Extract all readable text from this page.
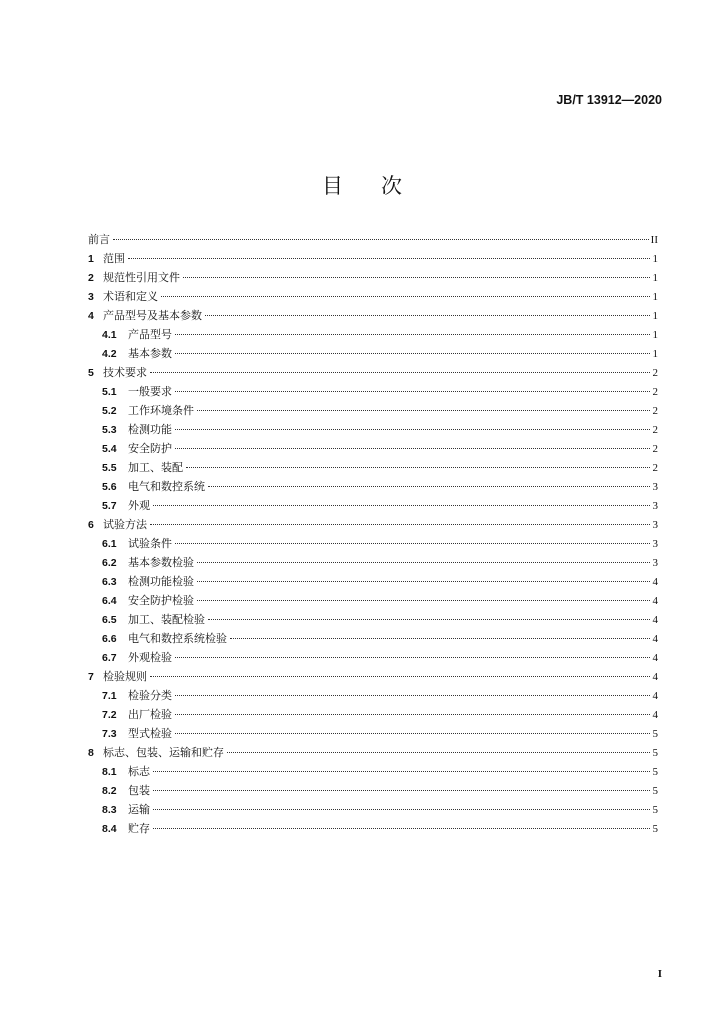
JB/T 13912—2020
目 次
前言	II
1 范围	1
2 规范性引用文件	1
3 术语和定义	1
4 产品型号及基本参数	1
4.1	产品型号	1
4.2	基本参数	1
5 技术要求	2
5.1	一般要求	2
5.2	工作环境条件	2
5.3	检测功能	2
5.4	安全防护	2
5.5	加工、装配	2
5.6	电气和数控系统	3
5.7	外观	3
6 试验方法	3
6.1	试验条件	3
6.2	基本参数检验	3
6.3	检测功能检验	4
6.4	安全防护检验	4
6.5	加工、装配检验	4
6.6	电气和数控系统检验	4
6.7	外观检验	4
7 检验规则	4
7.1	检验分类	4
7.2	出厂检验	4
7.3	型式检验	5
8 标志、包装、运输和贮存	5
8.1	标志	5
8.2	包装	5
8.3	运输	5
8.4	贮存	5
I
